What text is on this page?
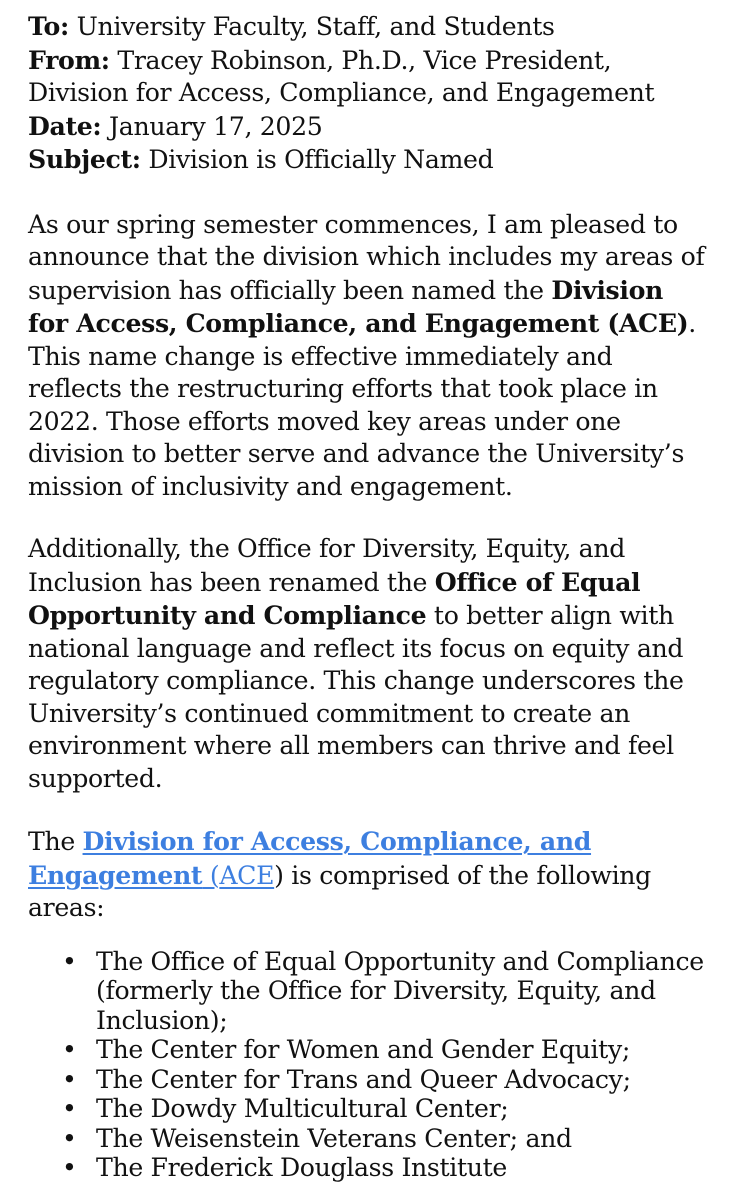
To: University Faculty, Staff, and Students
From: Tracey Robinson, Ph.D., Vice President,
Division for Access, Compliance, and Engagement
Date: January 17, 2025
Subject: Division is Officially Named

As our spring semester commences, I am pleased to announce that the division which includes my areas of supervision has officially been named the Division for Access, Compliance, and Engagement (ACE). This name change is effective immediately and reflects the restructuring efforts that took place in 2022. Those efforts moved key areas under one division to better serve and advance the University’s mission of inclusivity and engagement.

Additionally, the Office for Diversity, Equity, and Inclusion has been renamed the Office of Equal Opportunity and Compliance to better align with national language and reflect its focus on equity and regulatory compliance. This change underscores the University’s continued commitment to create an environment where all members can thrive and feel supported.

The Division for Access, Compliance, and Engagement (ACE) is comprised of the following areas:
• The Office of Equal Opportunity and Compliance (formerly the Office for Diversity, Equity, and Inclusion);
• The Center for Women and Gender Equity;
• The Center for Trans and Queer Advocacy;
• The Dowdy Multicultural Center;
• The Weisenstein Veterans Center; and
• The Frederick Douglass Institute
